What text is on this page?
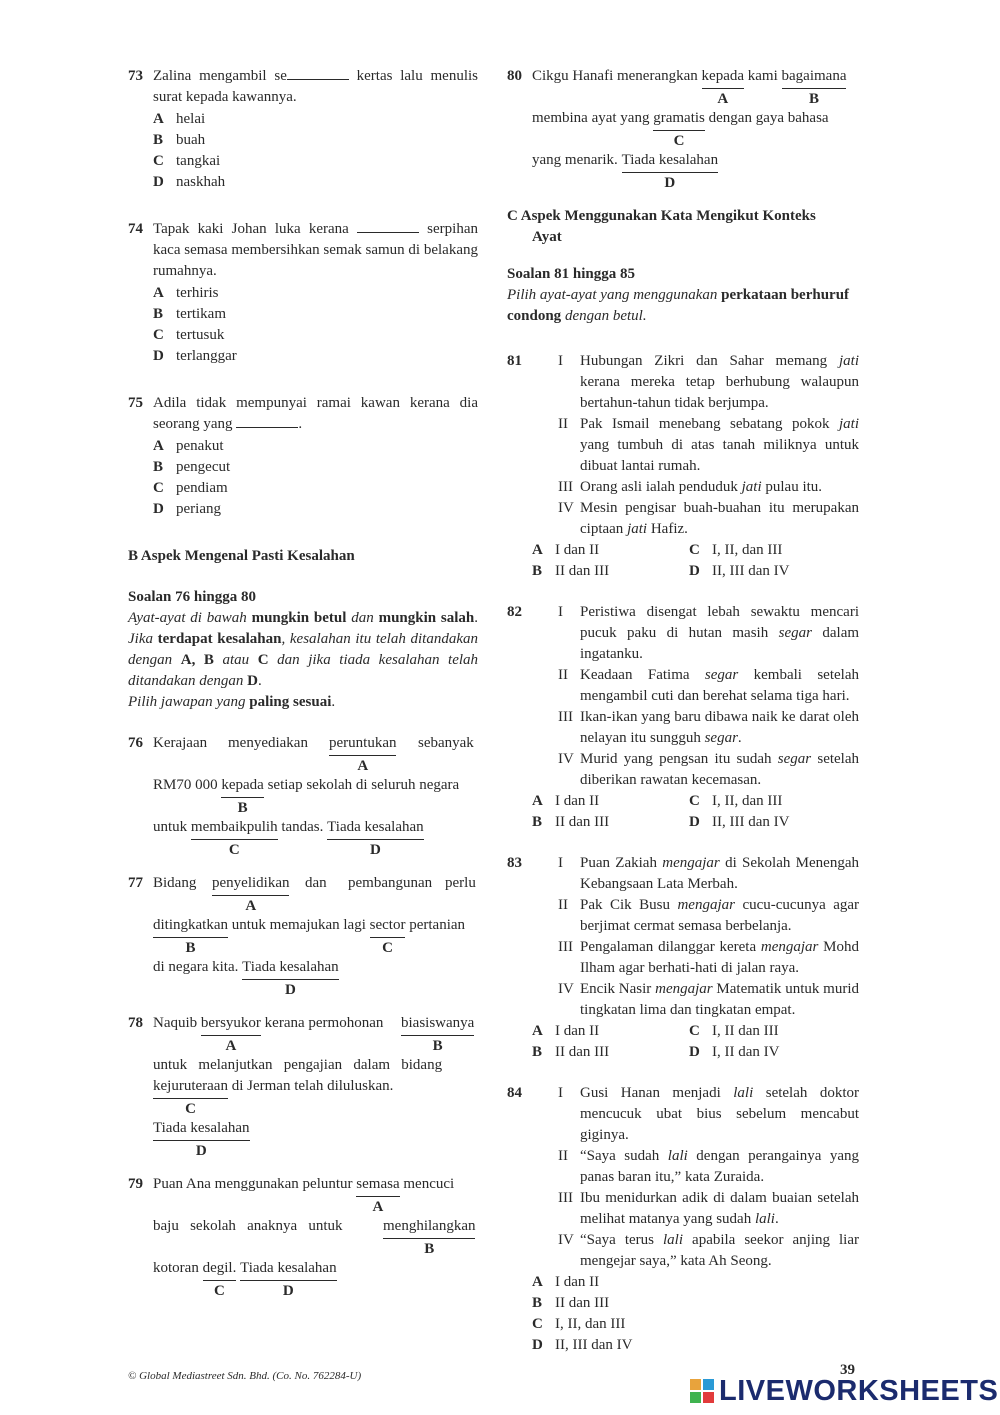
73 Zalina mengambil se	kertas lalu menulis surat kepada kawannya.
A helai
B buah
C tangkai
D naskhah
74 Tapak kaki Johan luka kerana	serpihan kaca semasa membersihkan semak samun di belakang rumahnya.
A terhiris
B tertikam
C tertusuk
D terlanggar
75 Adila tidak mempunyai ramai kawan kerana dia seorang yang	.
A penakut
B pengecut
C pendiam
D periang
B Aspek Mengenal Pasti Kesalahan
Soalan 76 hingga 80
Ayat-ayat di bawah mungkin betul dan mungkin salah. Jika terdapat kesalahan, kesalahan itu telah ditandakan dengan A, B atau C dan jika tiada kesalahan telah ditandakan dengan D.
Pilih jawapan yang paling sesuai.
76 Kerajaan menyediakan peruntukan
A
sebanyak
RM70 000 kepada
B
setiap sekolah di seluruh negara
untuk membaikpulih
C
tandas. Tiada kesalahan
D
77 Bidang penyelidikan
A
dan pembangunan perlu
ditingkatkan
B
untuk memajukan lagi sector
C
pertanian
di negara kita. Tiada kesalahan
D
78 Naquib bersyukor
A
kerana permohonan biasiswanya
B
untuk   melanjutkan   pengajian   dalam   bidang
kejuruteraan
C
di Jerman telah diluluskan.
Tiada kesalahan
D
79 Puan Ana menggunakan peluntur semasa
A
mencuci
baju   sekolah   anaknya   untuk	menghilangkan
B
kotoran degil.
C
Tiada kesalahan
D
80 Cikgu Hanafi menerangkan kepada
A
kami bagaimana
B
membina ayat yang gramatis
C
dengan gaya bahasa
yang menarik. Tiada kesalahan
D
C Aspek Menggunakan Kata Mengikut Konteks
Ayat
Soalan 81 hingga 85
Pilih ayat-ayat yang menggunakan perkataan berhuruf condong dengan betul.
81 I Hubungan Zikri dan Sahar memang jati kerana mereka tetap berhubung walaupun bertahun-tahun tidak berjumpa.
II Pak Ismail menebang sebatang pokok jati yang tumbuh di atas tanah miliknya untuk dibuat lantai rumah.
III Orang asli ialah penduduk jati pulau itu.
IV Mesin pengisar buah-buahan itu merupakan ciptaan jati Hafiz.
A I dan II	C I, II, dan III
B II dan III	D II, III dan IV
82 I Peristiwa disengat lebah sewaktu mencari pucuk paku di hutan masih segar dalam ingatanku.
II Keadaan Fatima segar kembali setelah mengambil cuti dan berehat selama tiga hari.
III Ikan-ikan yang baru dibawa naik ke darat oleh nelayan itu sungguh segar.
IV Murid yang pengsan itu sudah segar setelah diberikan rawatan kecemasan.
A I dan II	C I, II, dan III
B II dan III	D II, III dan IV
83 I Puan Zakiah mengajar di Sekolah Menengah Kebangsaan Lata Merbah.
II Pak Cik Busu mengajar cucu-cucunya agar berjimat cermat semasa berbelanja.
III Pengalaman dilanggar kereta mengajar Mohd Ilham agar berhati-hati di jalan raya.
IV Encik Nasir mengajar Matematik untuk murid tingkatan lima dan tingkatan empat.
A I dan II	C I, II dan III
B II dan III	D I, II dan IV
84 I Gusi Hanan menjadi lali setelah doktor mencucuk ubat bius sebelum mencabut giginya.
II “Saya sudah lali dengan perangainya yang panas baran itu,” kata Zuraida.
III Ibu menidurkan adik di dalam buaian setelah melihat matanya yang sudah lali.
IV “Saya terus lali apabila seekor anjing liar mengejar saya,” kata Ah Seong.
A I dan II
B II dan III
C I, II, dan III
D II, III dan IV
© Global Mediastreet Sdn. Bhd. (Co. No. 762284-U)	39
LIVEWORKSHEETS
